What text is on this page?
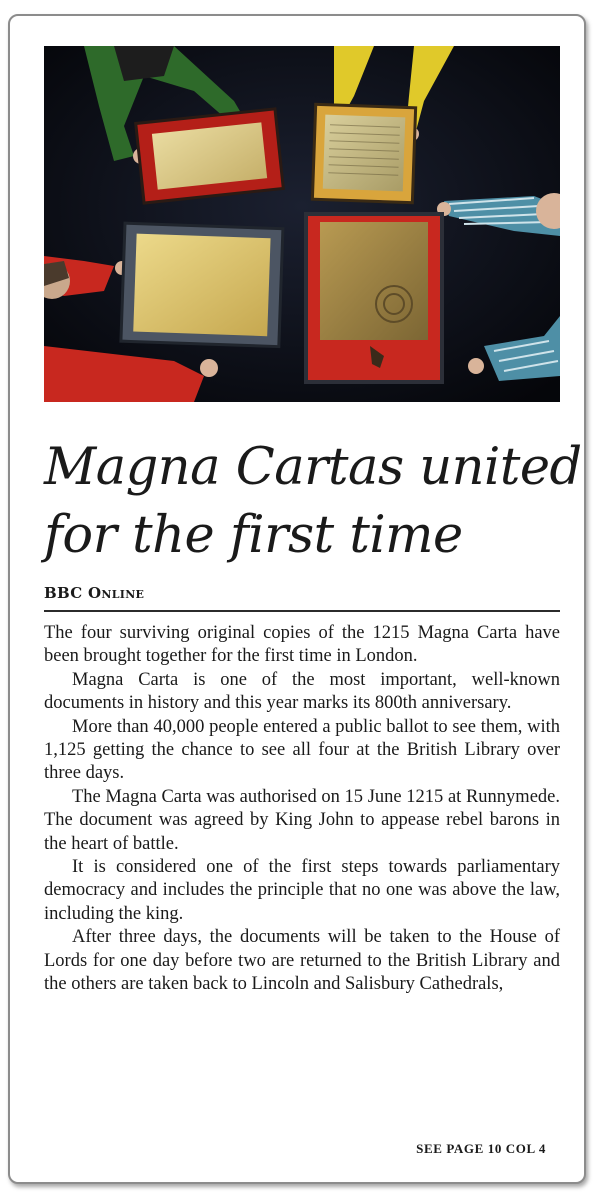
Magna Cartas united
for the first time
BBC Online

The four surviving original copies of the 1215 Magna Carta have been brought together for the first time in London.

Magna Carta is one of the most important, well-known documents in history and this year marks its 800th anniversary.

More than 40,000 people entered a public ballot to see them, with 1,125 getting the chance to see all four at the British Library over three days.

The Magna Carta was authorised on 15 June 1215 at Runnymede. The document was agreed by King John to appease rebel barons in the heart of battle.

It is considered one of the first steps towards parliamentary democracy and includes the principle that no one was above the law, including the king.

After three days, the documents will be taken to the House of Lords for one day before two are returned to the British Library and the others are taken back to Lincoln and Salisbury Cathedrals,

SEE PAGE 10 COL 4
